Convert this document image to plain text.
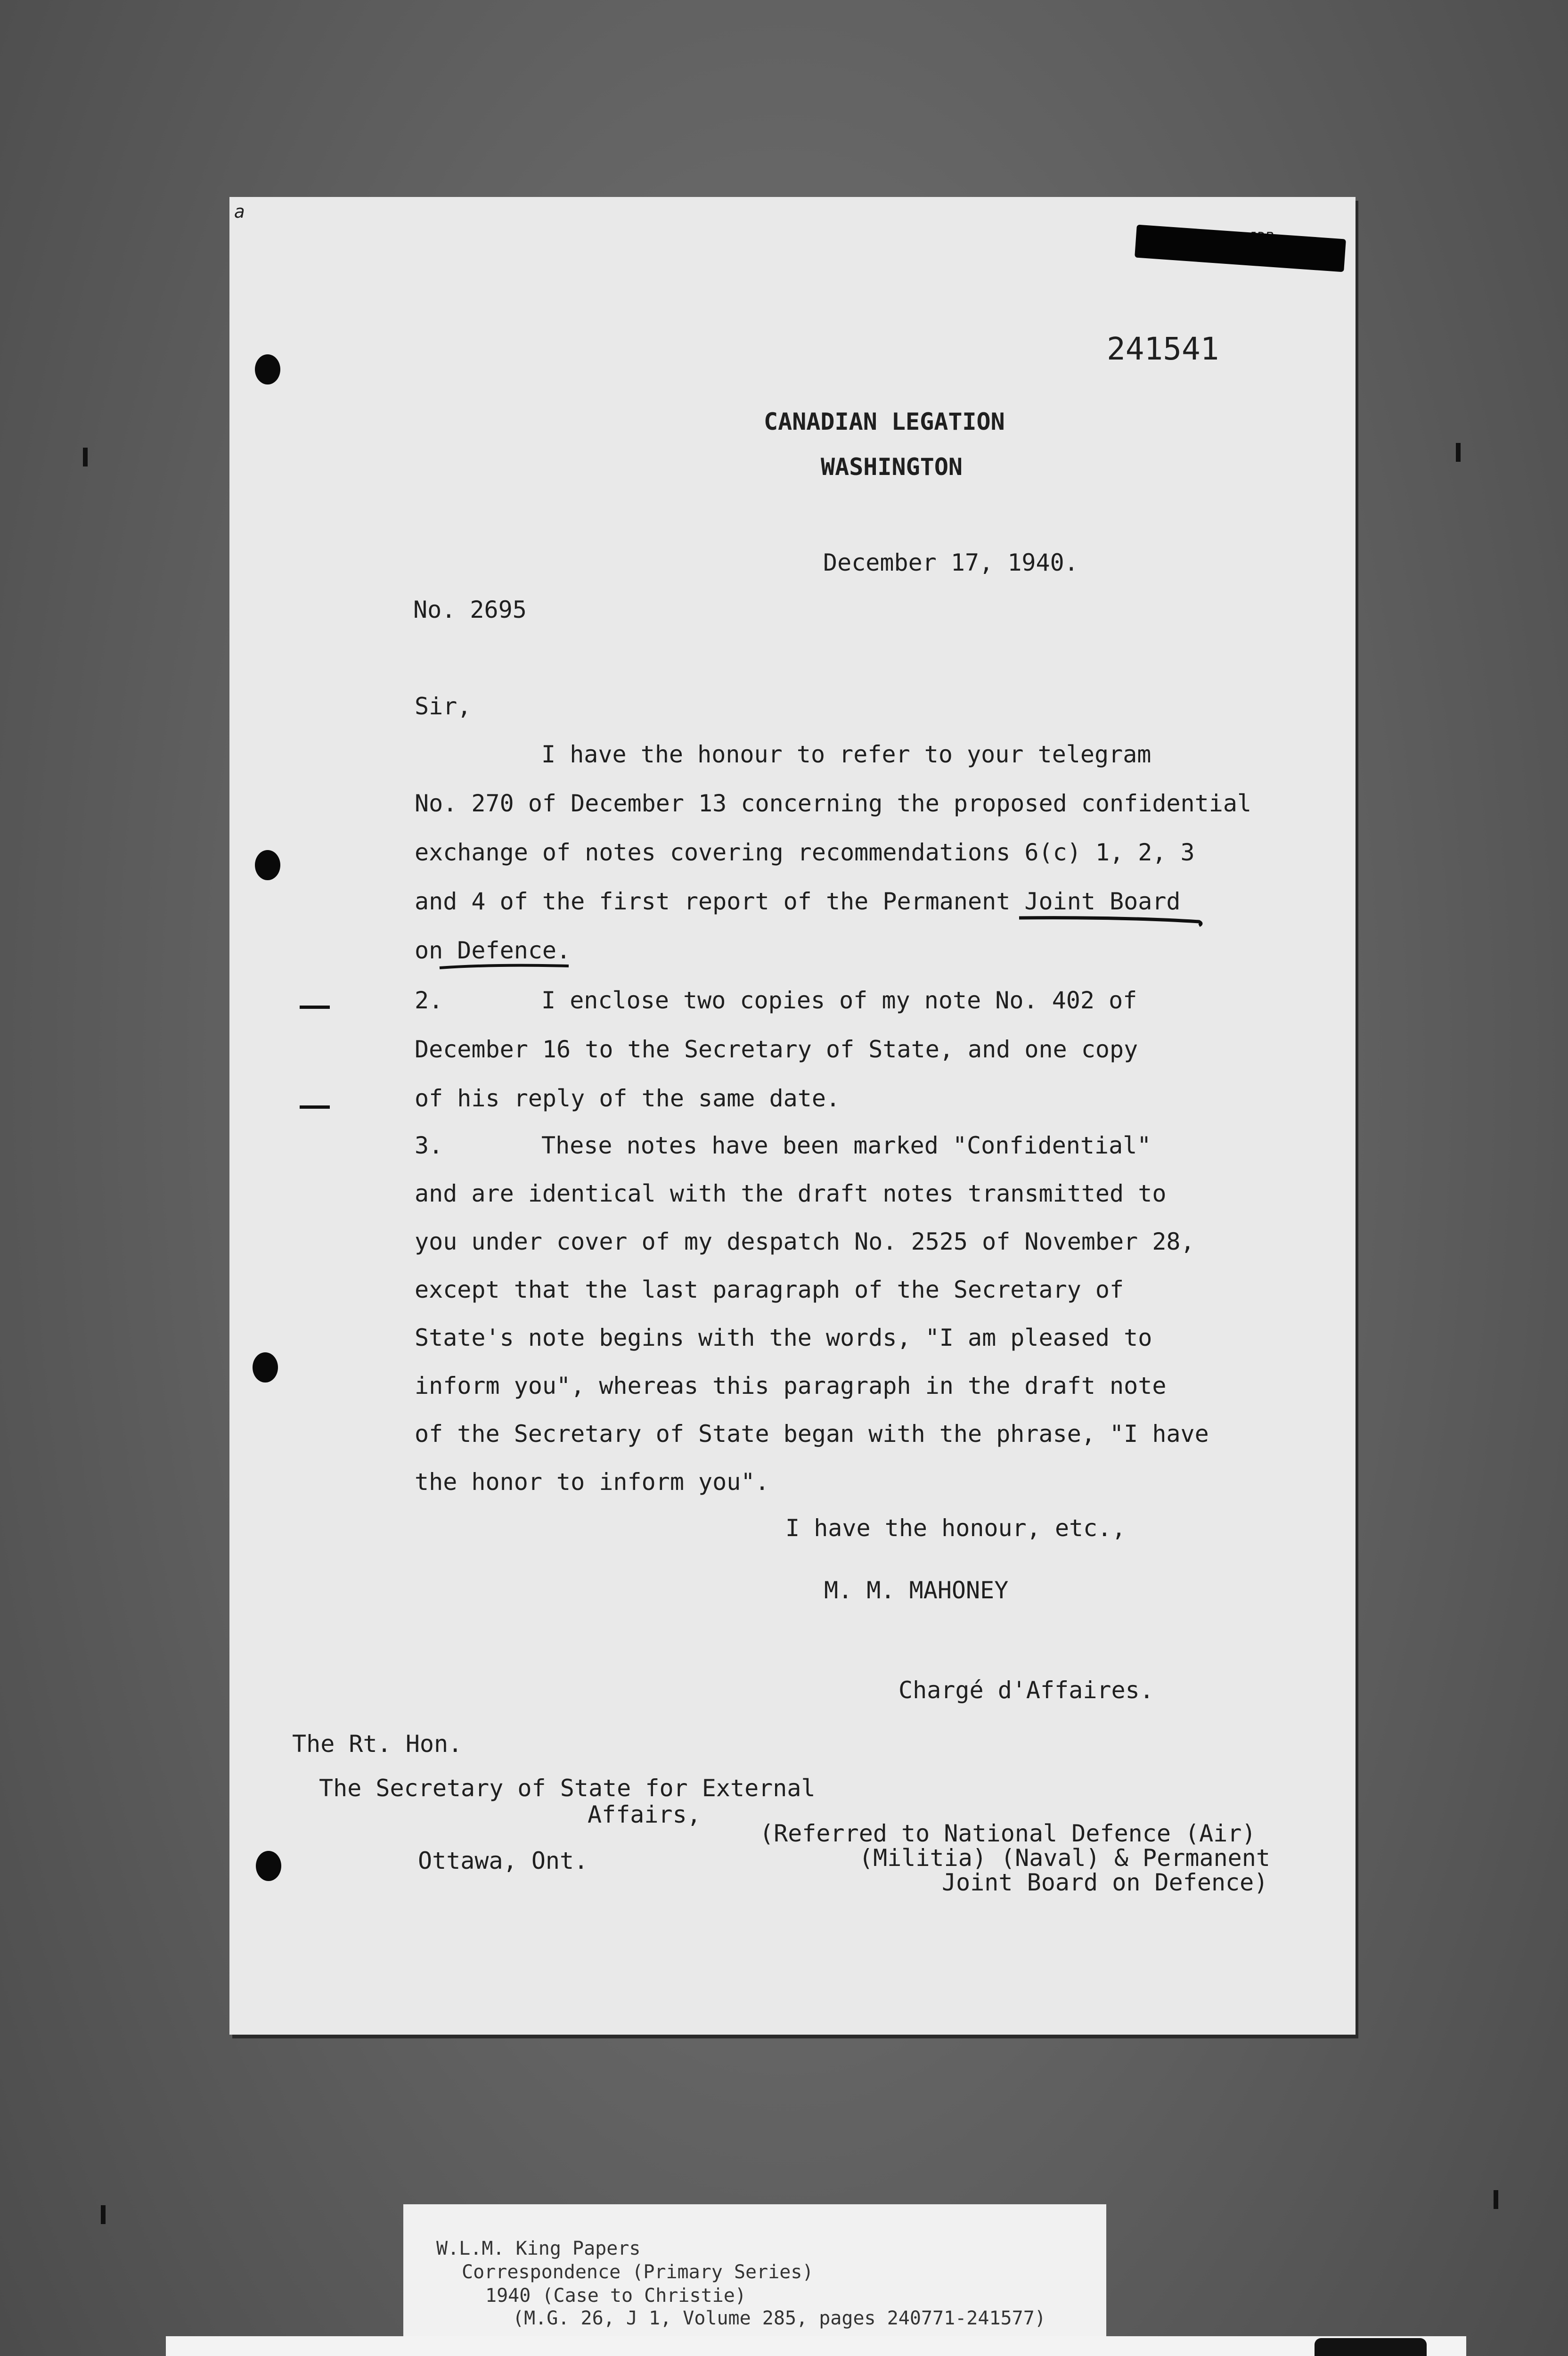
a
241541
CANADIAN LEGATION
WASHINGTON
December 17, 1940.
No. 2695
Sir,
I have the honour to refer to your telegram
No. 270 of December 13 concerning the proposed confidential
exchange of notes covering recommendations 6(c) 1, 2, 3
and 4 of the first report of the Permanent Joint Board
on Defence.
2.	I enclose two copies of my note No. 402 of
December 16 to the Secretary of State, and one copy
of his reply of the same date.
3.	These notes have been marked "Confidential"
and are identical with the draft notes transmitted to
you under cover of my despatch No. 2525 of November 28,
except that the last paragraph of the Secretary of
State's note begins with the words, "I am pleased to
inform you", whereas this paragraph in the draft note
of the Secretary of State began with the phrase, "I have
the honor to inform you".
I have the honour, etc.,
M. M. MAHONEY
Chargé d'Affaires.
The Rt. Hon.
The Secretary of State for External
Affairs,
Ottawa, Ont.
(Referred to National Defence (Air)
(Militia) (Naval) & Permanent
Joint Board on Defence)
W.L.M. King Papers
Correspondence (Primary Series)
1940 (Case to Christie)
(M.G. 26, J 1, Volume 285, pages 240771-241577)
